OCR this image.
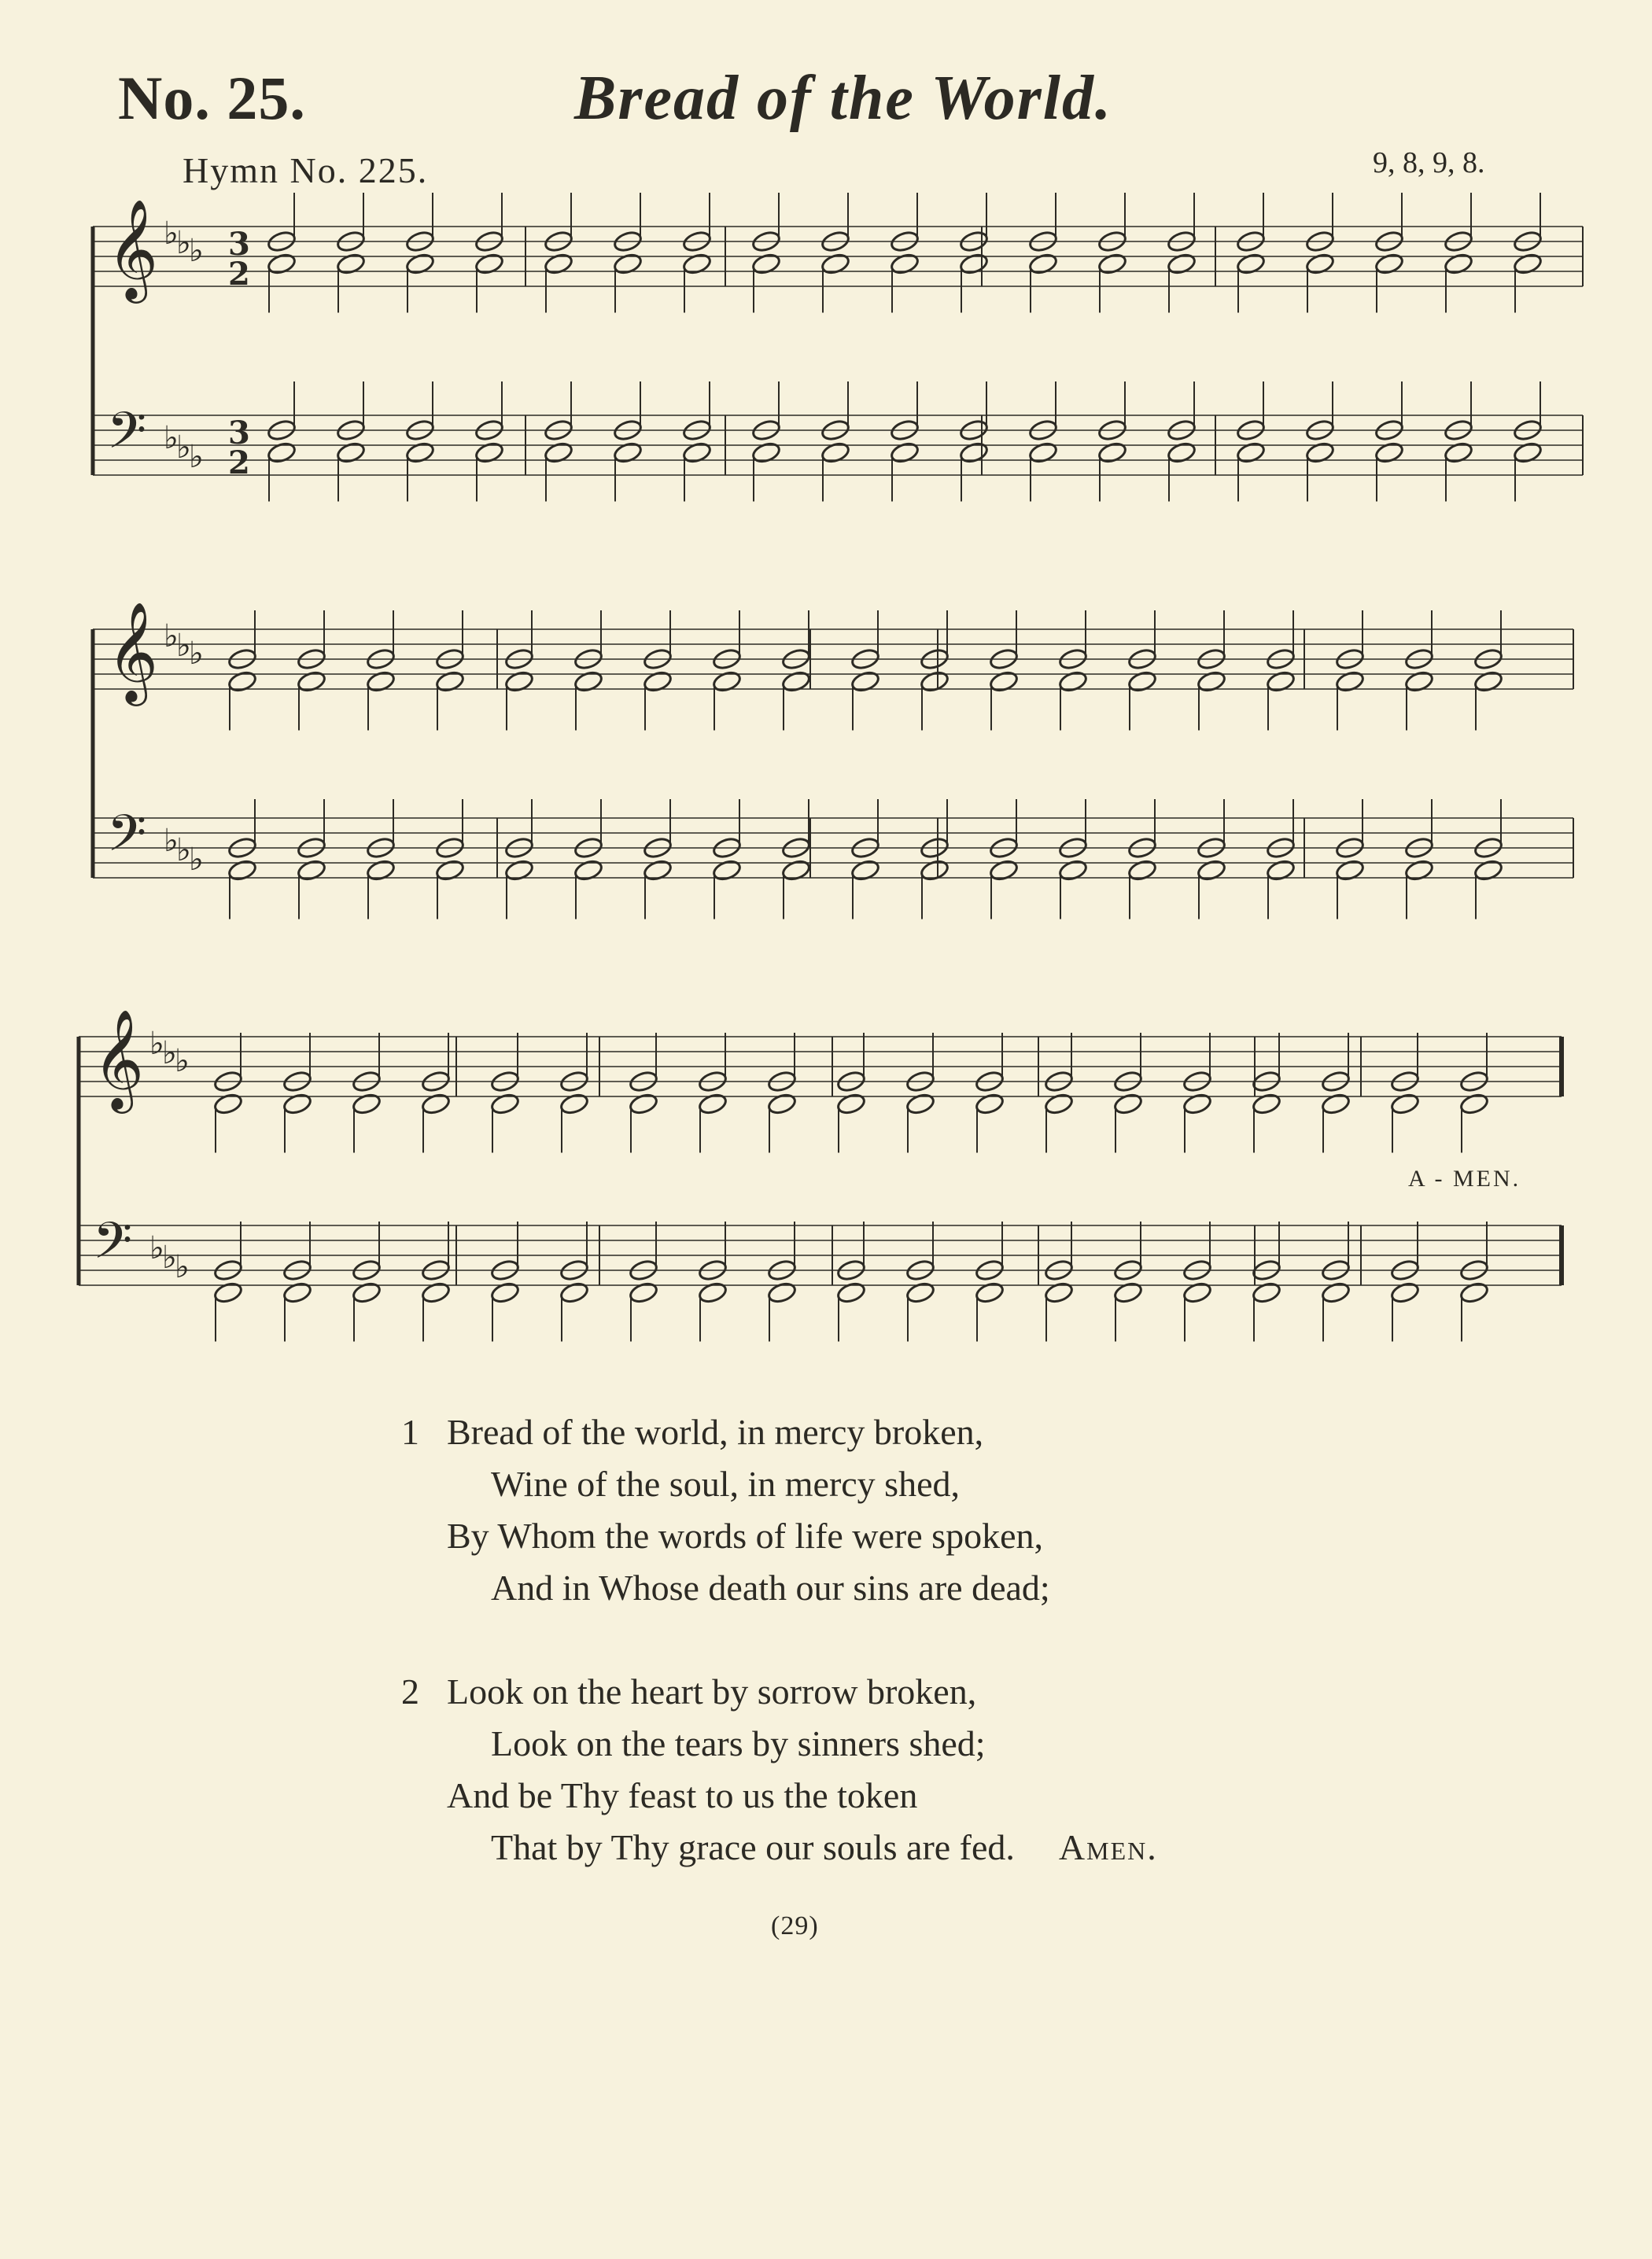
No. 25.	Bread of the World.
Hymn No. 225.	9, 8, 9, 8.
𝄞 ♭
♭
♭ 3
2
𝄢 ♭
♭
♭
3
2
𝄞 ♭
♭
♭
𝄢 ♭
♭
♭
𝄞 ♭
♭
♭
𝄢 ♭
♭
♭
A - MEN.
1 Bread of the world, in mercy broken,
Wine of the soul, in mercy shed,
By Whom the words of life were spoken,
And in Whose death our sins are dead;
2 Look on the heart by sorrow broken,
Look on the tears by sinners shed;
And be Thy feast to us the token
That by Thy grace our souls are fed. Amen.
(29)
